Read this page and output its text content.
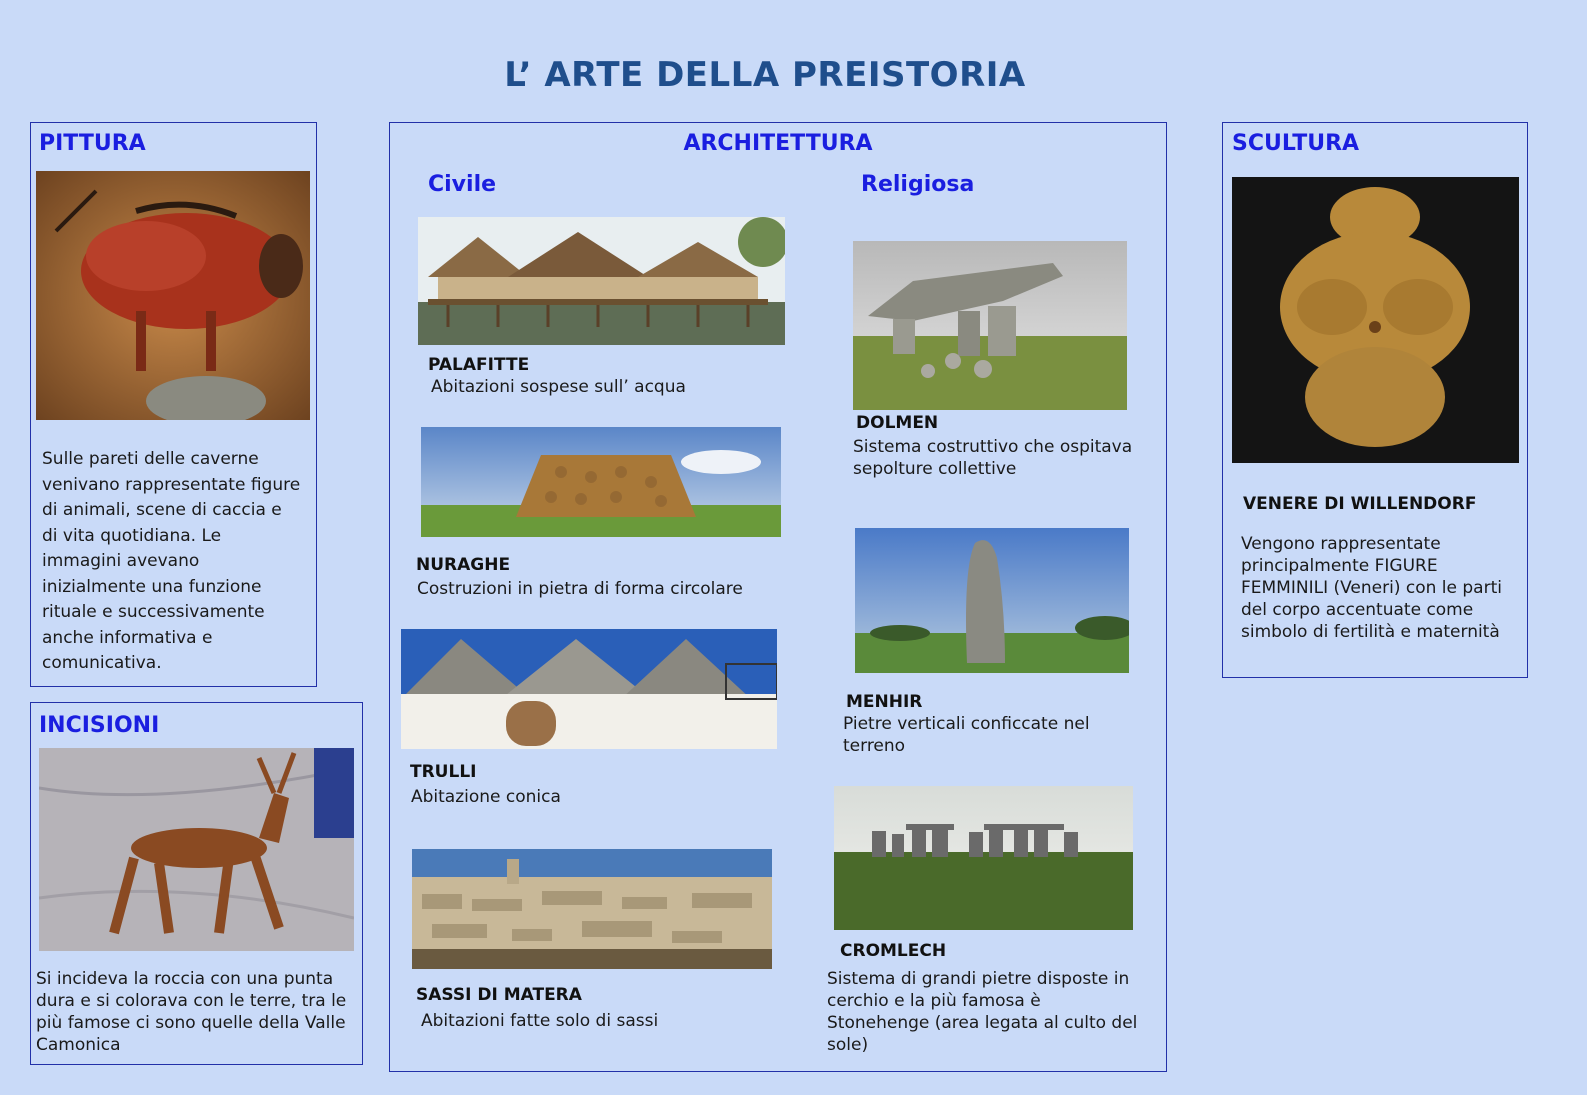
L’ ARTE DELLA PREISTORIA
PITTURA
Sulle pareti delle caverne venivano rappresentate figure di animali, scene di caccia e di vita quotidiana. Le immagini avevano inizialmente una funzione rituale e successivamente anche informativa e comunicativa.
INCISIONI
Si incideva la roccia con una punta dura e si colorava con le terre, tra le più famose ci sono quelle della Valle Camonica
ARCHITETTURA
Civile	Religiosa
PALAFITTE
Abitazioni sospese sull’ acqua
NURAGHE
Costruzioni in pietra di forma circolare
TRULLI
Abitazione conica
SASSI DI MATERA
Abitazioni fatte solo di sassi
DOLMEN
Sistema costruttivo che ospitava sepolture collettive
MENHIR
Pietre verticali conficcate nel terreno
CROMLECH
Sistema di grandi pietre disposte in cerchio e la più famosa è Stonehenge (area legata al culto del sole)
SCULTURA
VENERE DI WILLENDORF
Vengono rappresentate principalmente FIGURE FEMMINILI (Veneri) con le parti del corpo accentuate come simbolo di fertilità e maternità
